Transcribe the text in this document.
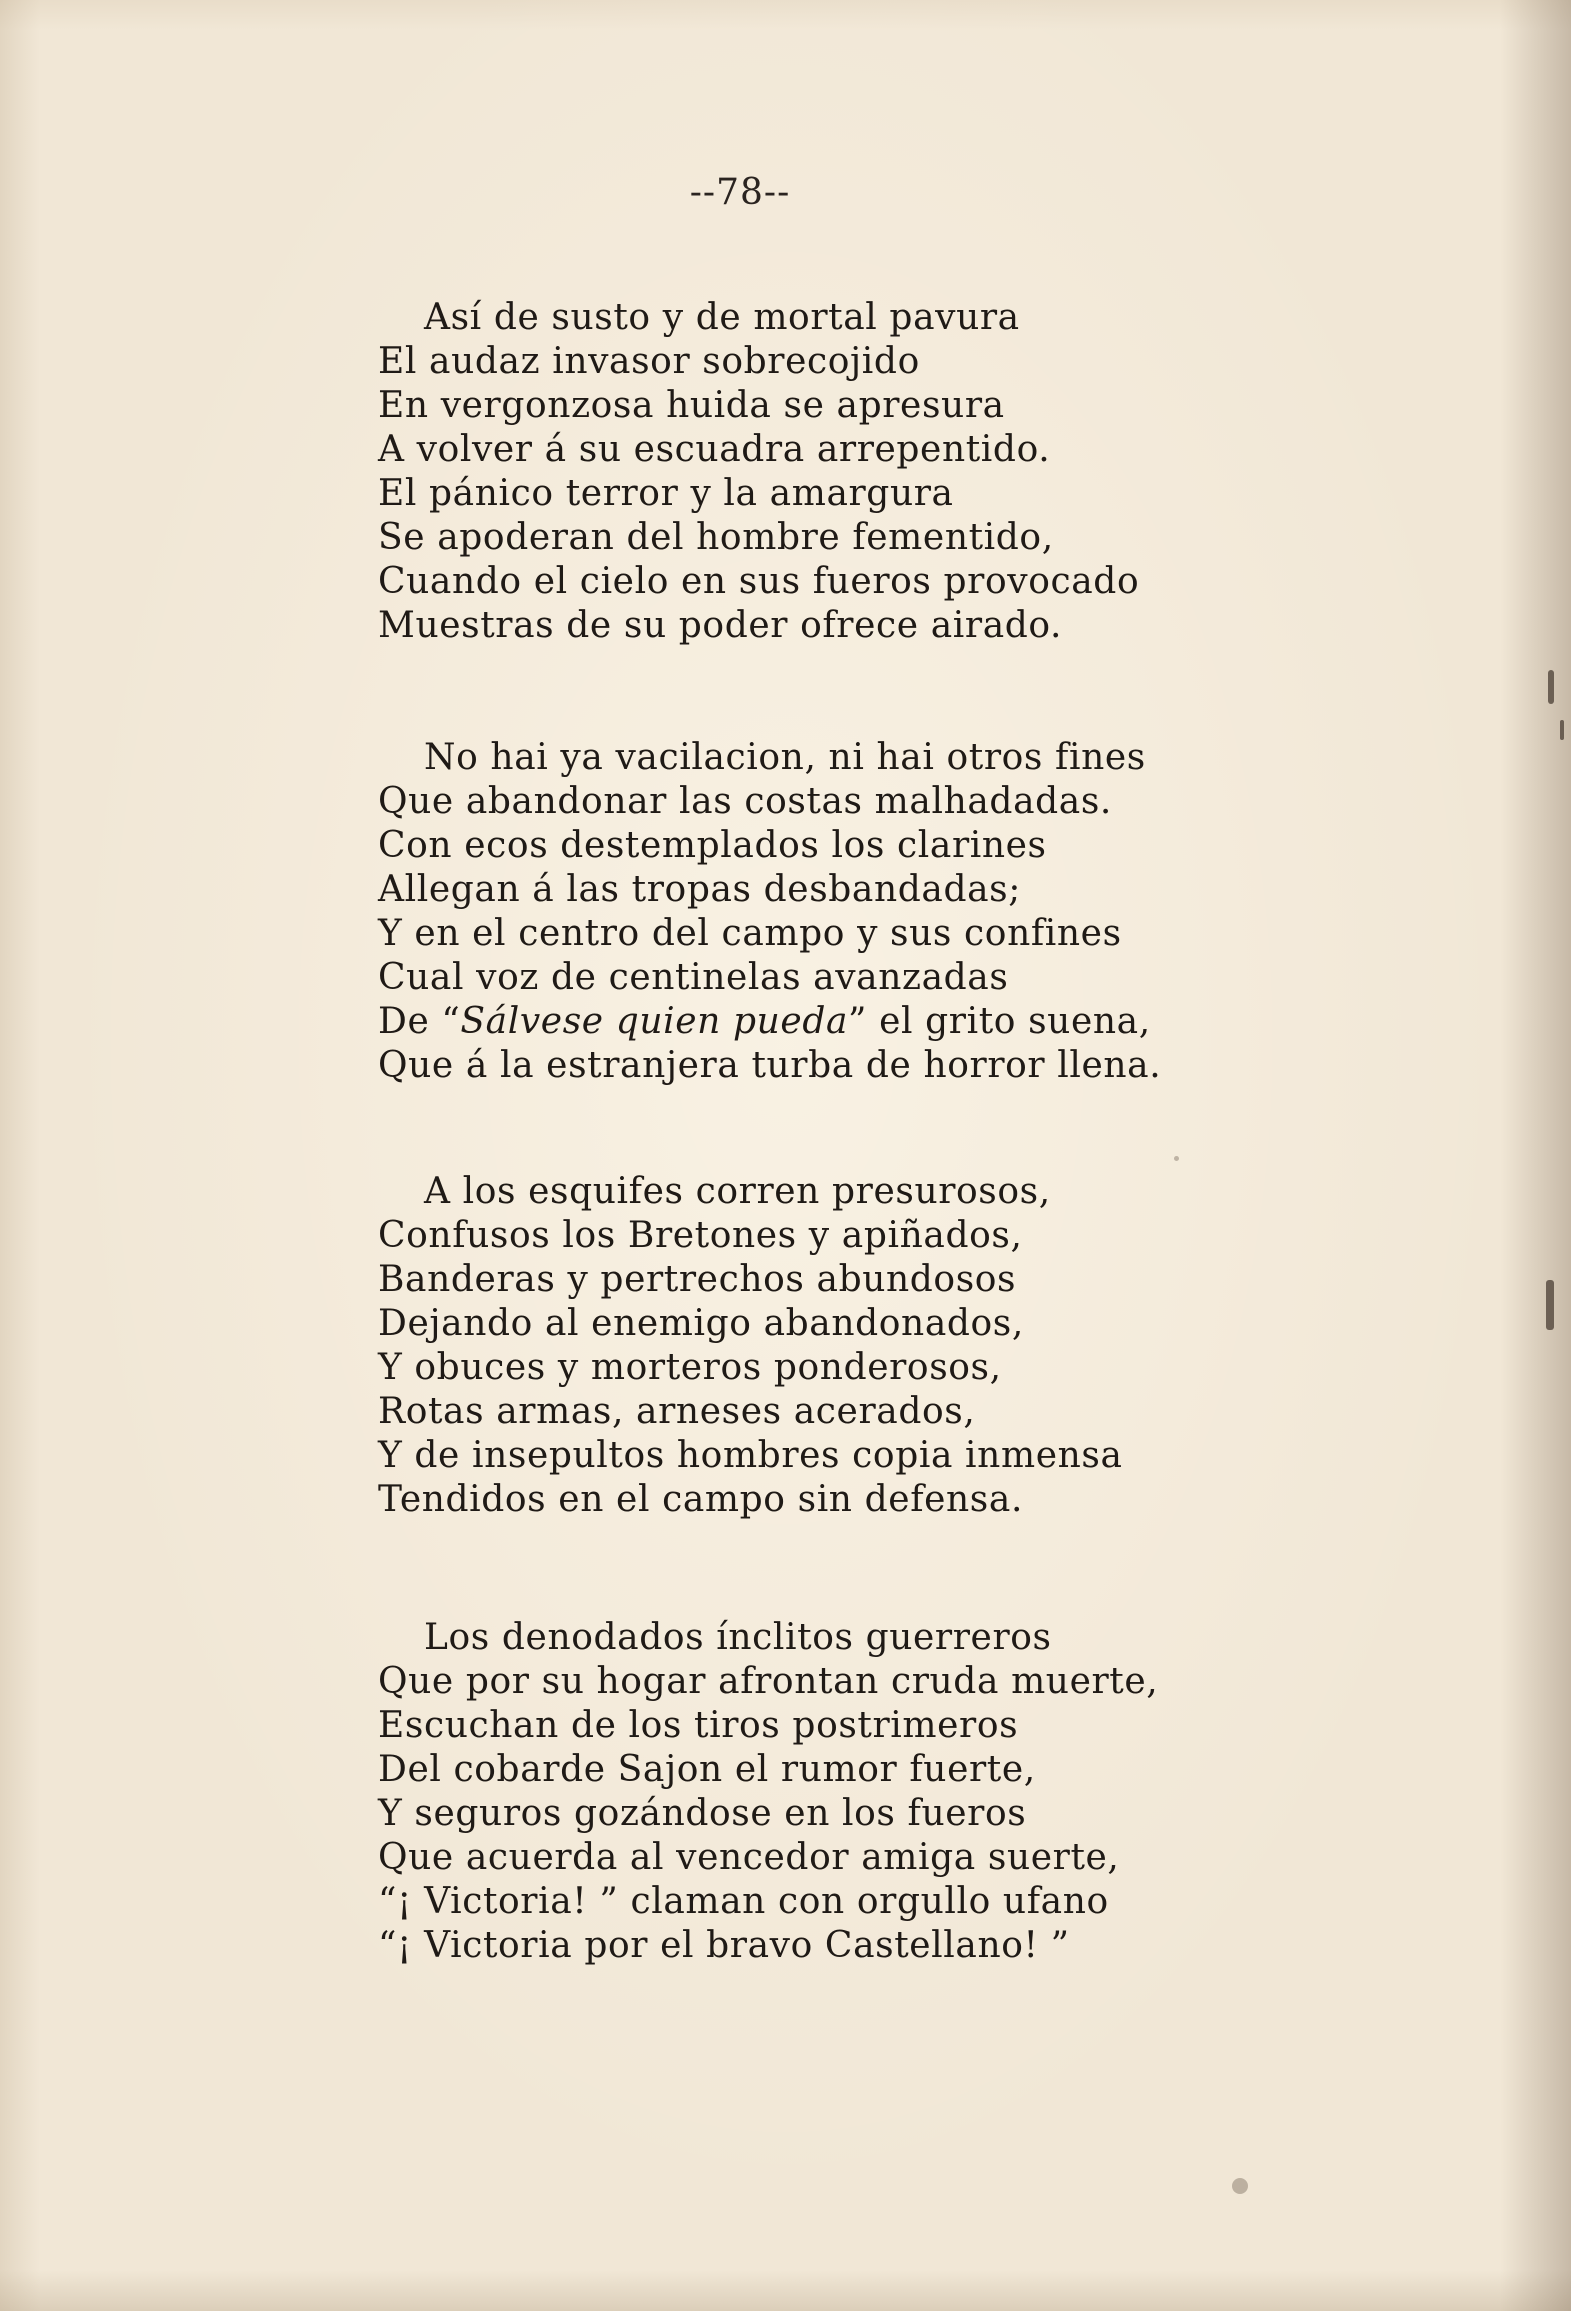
--78--
Así de susto y de mortal pavura
El audaz invasor sobrecojido
En vergonzosa huida se apresura
A volver á su escuadra arrepentido.
El pánico terror y la amargura
Se apoderan del hombre fementido,
Cuando el cielo en sus fueros provocado
Muestras de su poder ofrece airado.
No hai ya vacilacion, ni hai otros fines
Que abandonar las costas malhadadas.
Con ecos destemplados los clarines
Allegan á las tropas desbandadas;
Y en el centro del campo y sus confines
Cual voz de centinelas avanzadas
De “Sálvese quien pueda” el grito suena,
Que á la estranjera turba de horror llena.
A los esquifes corren presurosos,
Confusos los Bretones y apiñados,
Banderas y pertrechos abundosos
Dejando al enemigo abandonados,
Y obuces y morteros ponderosos,
Rotas armas, arneses acerados,
Y de insepultos hombres copia inmensa
Tendidos en el campo sin defensa.
Los denodados ínclitos guerreros
Que por su hogar afrontan cruda muerte,
Escuchan de los tiros postrimeros
Del cobarde Sajon el rumor fuerte,
Y seguros gozándose en los fueros
Que acuerda al vencedor amiga suerte,
“¡ Victoria! ” claman con orgullo ufano
“¡ Victoria por el bravo Castellano! ”
